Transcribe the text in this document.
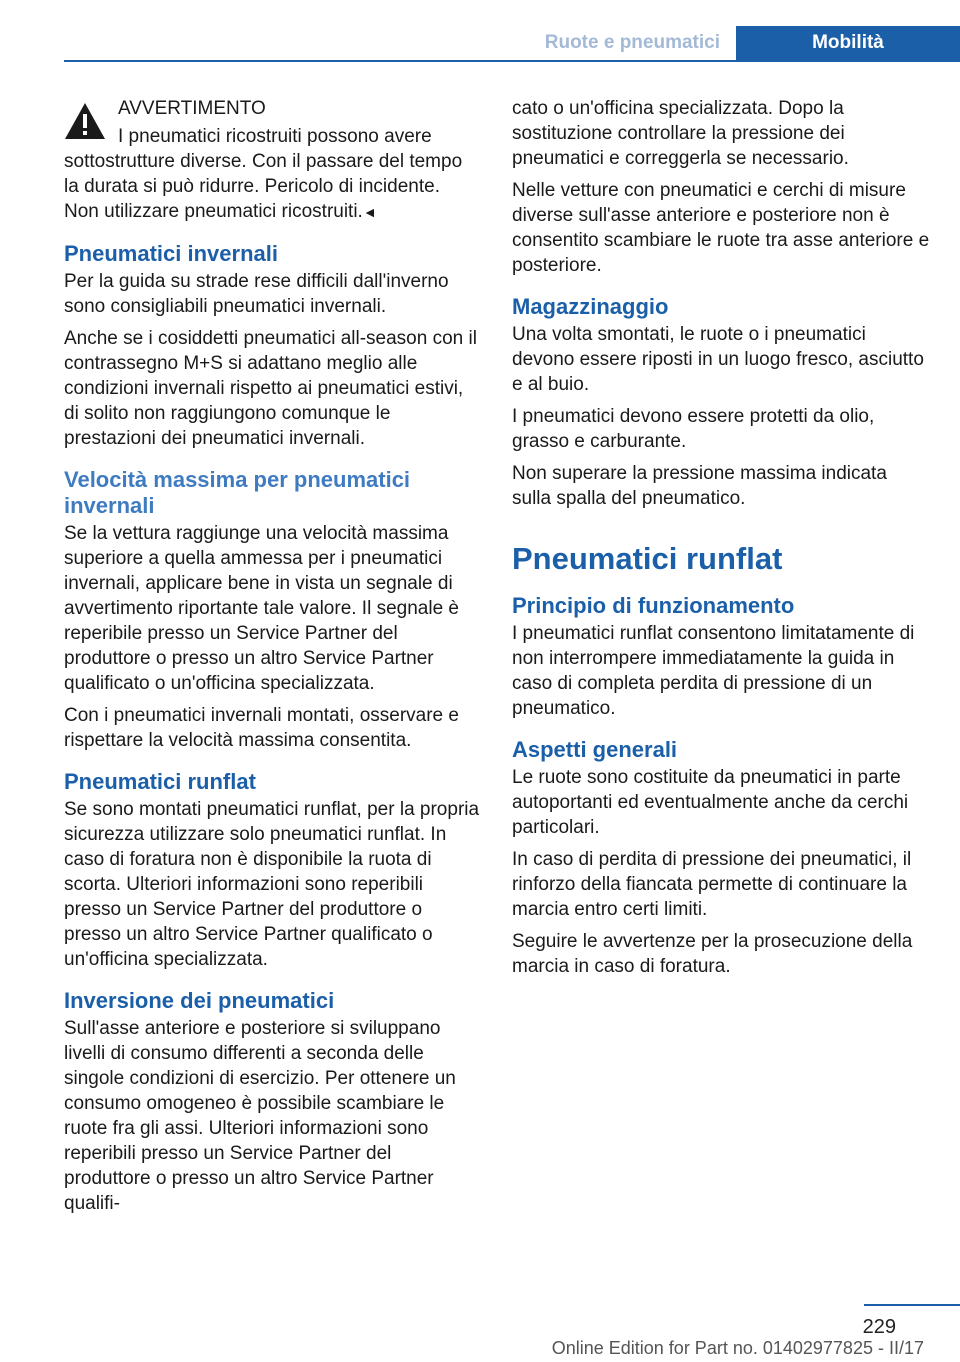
Ruote e pneumatici	Mobilità
AVVERTIMENTO

I pneumatici ricostruiti possono avere sottostrutture diverse. Con il passare del tempo la durata si può ridurre. Pericolo di incidente. Non utilizzare pneumatici ricostruiti.◄

Pneumatici invernali

Per la guida su strade rese difficili dall'inverno sono consigliabili pneumatici invernali.

Anche se i cosiddetti pneumatici all-season con il contrassegno M+S si adattano meglio alle condizioni invernali rispetto ai pneumatici estivi, di solito non raggiungono comunque le prestazioni dei pneumatici invernali.

Velocità massima per pneumatici invernali

Se la vettura raggiunge una velocità massima superiore a quella ammessa per i pneumatici invernali, applicare bene in vista un segnale di avvertimento riportante tale valore. Il segnale è reperibile presso un Service Partner del produttore o presso un altro Service Partner qualificato o un'officina specializzata.

Con i pneumatici invernali montati, osservare e rispettare la velocità massima consentita.

Pneumatici runflat

Se sono montati pneumatici runflat, per la propria sicurezza utilizzare solo pneumatici runflat. In caso di foratura non è disponibile la ruota di scorta. Ulteriori informazioni sono reperibili presso un Service Partner del produttore o presso un altro Service Partner qualificato o un'officina specializzata.

Inversione dei pneumatici

Sull'asse anteriore e posteriore si sviluppano livelli di consumo differenti a seconda delle singole condizioni di esercizio. Per ottenere un consumo omogeneo è possibile scambiare le ruote fra gli assi. Ulteriori informazioni sono reperibili presso un Service Partner del produttore o presso un altro Service Partner qualifi-

cato o un'officina specializzata. Dopo la sostituzione controllare la pressione dei pneumatici e correggerla se necessario.

Nelle vetture con pneumatici e cerchi di misure diverse sull'asse anteriore e posteriore non è consentito scambiare le ruote tra asse anteriore e posteriore.

Magazzinaggio

Una volta smontati, le ruote o i pneumatici devono essere riposti in un luogo fresco, asciutto e al buio.

I pneumatici devono essere protetti da olio, grasso e carburante.

Non superare la pressione massima indicata sulla spalla del pneumatico.

Pneumatici runflat
Principio di funzionamento

I pneumatici runflat consentono limitatamente di non interrompere immediatamente la guida in caso di completa perdita di pressione di un pneumatico.

Aspetti generali

Le ruote sono costituite da pneumatici in parte autoportanti ed eventualmente anche da cerchi particolari.

In caso di perdita di pressione dei pneumatici, il rinforzo della fiancata permette di continuare la marcia entro certi limiti.

Seguire le avvertenze per la prosecuzione della marcia in caso di foratura.

229
Online Edition for Part no. 01402977825 - II/17
